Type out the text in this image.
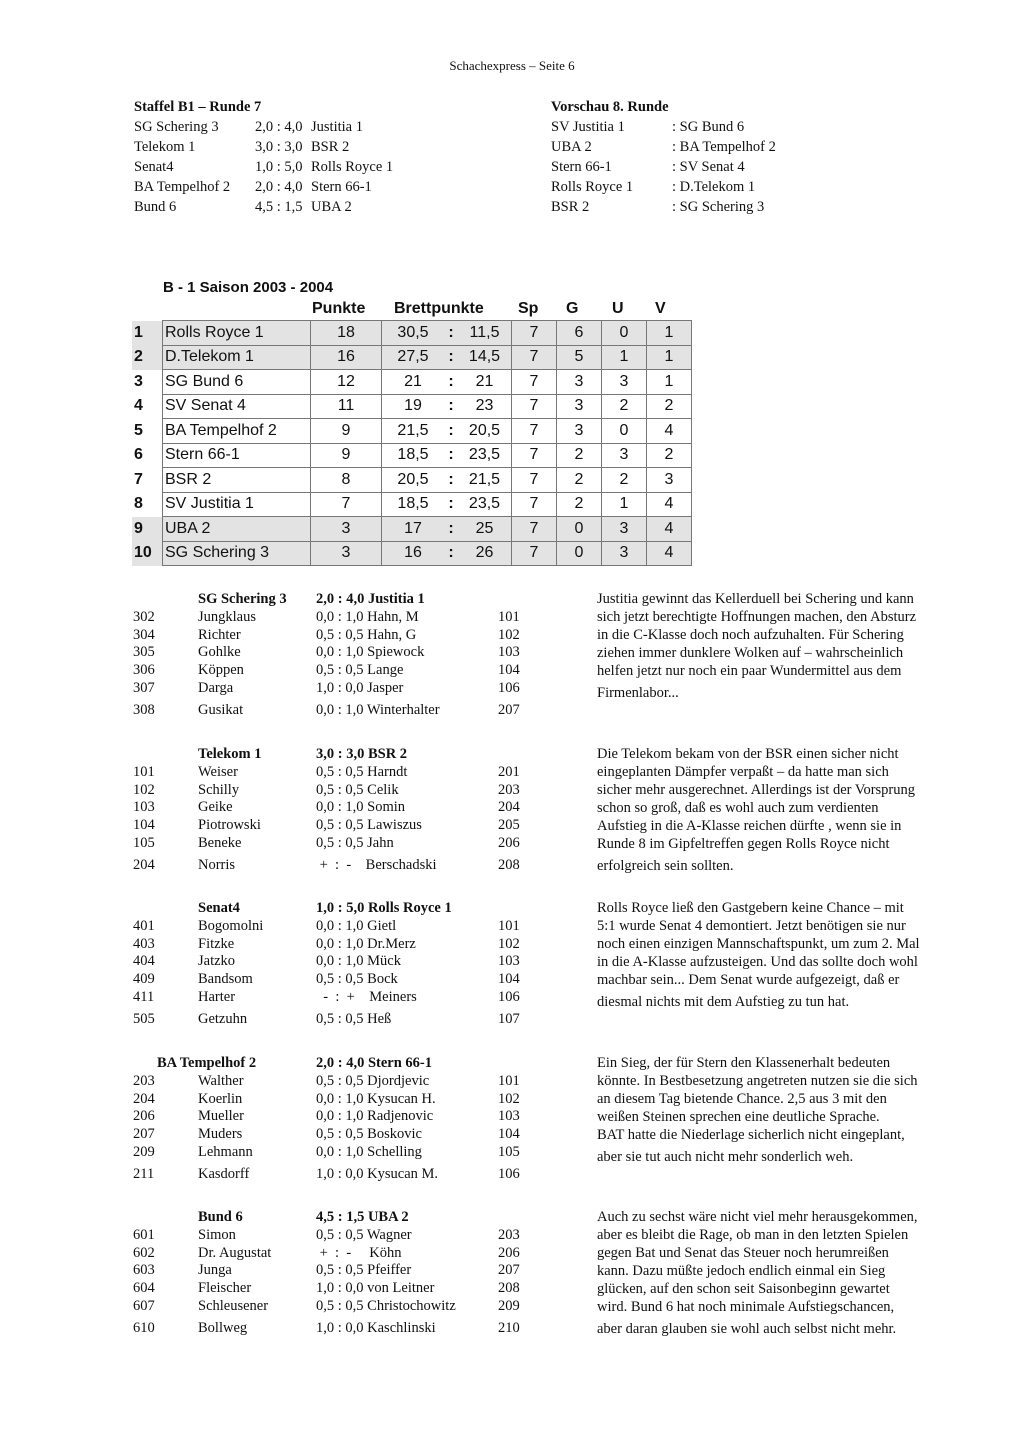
Schachexpress – Seite 6
Staffel B1 – Runde 7
SG Schering 3	2,0 : 4,0 Justitia 1
Telekom 1	3,0 : 3,0 BSR 2
Senat4	1,0 : 5,0 Rolls Royce 1
BA Tempelhof 2 2,0 : 4,0 Stern 66-1
Bund 6	4,5 : 1,5 UBA 2
Vorschau 8. Runde
SV Justitia 1	: SG Bund 6
UBA 2	: BA Tempelhof 2
Stern 66-1	: SV Senat 4
Rolls Royce 1	: D.Telekom 1
BSR 2	: SG Schering 3
B - 1 Saison 2003 - 2004
Punkte Brettpunkte Sp G U V
1	Rolls Royce 1	18	30,5	:	11,5	7	6	0	1
2	D.Telekom 1	16	27,5	:	14,5	7	5	1	1
3	SG Bund 6	12	21	:	21	7	3	3	1
4	SV Senat 4	11	19	:	23	7	3	2	2
5	BA Tempelhof 2	9	21,5	:	20,5	7	3	0	4
6	Stern 66-1	9	18,5	:	23,5	7	2	3	2
7	BSR 2	8	20,5	:	21,5	7	2	2	3
8	SV Justitia 1	7	18,5	:	23,5	7	2	1	4
9	UBA 2	3	17	:	25	7	0	3	4
10	SG Schering 3	3	16	:	26	7	0	3	4
SG Schering 3 2,0 : 4,0 Justitia 1
302	Jungklaus	0,0 : 1,0 Hahn, M	101
304	Richter	0,5 : 0,5 Hahn, G	102
305	Gohlke	0,0 : 1,0 Spiewock	103
306	Köppen	0,5 : 0,5 Lange	104
307	Darga	1,0 : 0,0 Jasper	106
308	Gusikat	0,0 : 1,0 Winterhalter	207
Justitia gewinnt das Kellerduell bei Schering und kann
sich jetzt berechtigte Hoffnungen machen, den Absturz
in die C-Klasse doch noch aufzuhalten. Für Schering
ziehen immer dunklere Wolken auf – wahrscheinlich
helfen jetzt nur noch ein paar Wundermittel aus dem
Firmenlabor...
Telekom 1	3,0 : 3,0 BSR 2
101	Weiser	0,5 : 0,5 Harndt	201
102	Schilly	0,5 : 0,5 Celik	203
103	Geike	0,0 : 1,0 Somin	204
104	Piotrowski	0,5 : 0,5 Lawiszus	205
105	Beneke	0,5 : 0,5 Jahn	206
204	Norris	+  :  -    Berschadski	208
Die Telekom bekam von der BSR einen sicher nicht
eingeplanten Dämpfer verpaßt – da hatte man sich
sicher mehr ausgerechnet. Allerdings ist der Vorsprung
schon so groß, daß es wohl auch zum verdienten
Aufstieg in die A-Klasse reichen dürfte , wenn sie in
Runde 8 im Gipfeltreffen gegen Rolls Royce nicht
erfolgreich sein sollten.
Senat4	1,0 : 5,0 Rolls Royce 1
401	Bogomolni	0,0 : 1,0 Gietl	101
403	Fitzke	0,0 : 1,0 Dr.Merz	102
404	Jatzko	0,0 : 1,0 Mück	103
409	Bandsom	0,5 : 0,5 Bock	104
411	Harter	-  :  +    Meiners	106
505	Getzuhn	0,5 : 0,5 Heß	107
Rolls Royce ließ den Gastgebern keine Chance – mit
5:1 wurde Senat 4 demontiert. Jetzt benötigen sie nur
noch einen einzigen Mannschaftspunkt, um zum 2. Mal
in die A-Klasse aufzusteigen. Und das sollte doch wohl
machbar sein... Dem Senat wurde aufgezeigt, daß er
diesmal nichts mit dem Aufstieg zu tun hat.
BA Tempelhof 2	2,0 : 4,0 Stern 66-1
203	Walther	0,5 : 0,5 Djordjevic	101
204	Koerlin	0,0 : 1,0 Kysucan H.	102
206	Mueller	0,0 : 1,0 Radjenovic	103
207	Muders	0,5 : 0,5 Boskovic	104
209	Lehmann	0,0 : 1,0 Schelling	105
211	Kasdorff	1,0 : 0,0 Kysucan M.	106
Ein Sieg, der für Stern den Klassenerhalt bedeuten
könnte. In Bestbesetzung angetreten nutzen sie die sich
an diesem Tag bietende Chance. 2,5 aus 3 mit den
weißen Steinen sprechen eine deutliche Sprache.
BAT hatte die Niederlage sicherlich nicht eingeplant,
aber sie tut auch nicht mehr sonderlich weh.
Bund 6	4,5 : 1,5 UBA 2
601	Simon	0,5 : 0,5 Wagner	203
602	Dr. Augustat	+  :  -     Köhn	206
603	Junga	0,5 : 0,5 Pfeiffer	207
604	Fleischer	1,0 : 0,0 von Leitner	208
607	Schleusener	0,5 : 0,5 Christochowitz	209
610	Bollweg	1,0 : 0,0 Kaschlinski	210
Auch zu sechst wäre nicht viel mehr herausgekommen,
aber es bleibt die Rage, ob man in den letzten Spielen
gegen Bat und Senat das Steuer noch herumreißen
kann. Dazu müßte jedoch endlich einmal ein Sieg
glücken, auf den schon seit Saisonbeginn gewartet
wird. Bund 6 hat noch minimale Aufstiegschancen,
aber daran glauben sie wohl auch selbst nicht mehr.
